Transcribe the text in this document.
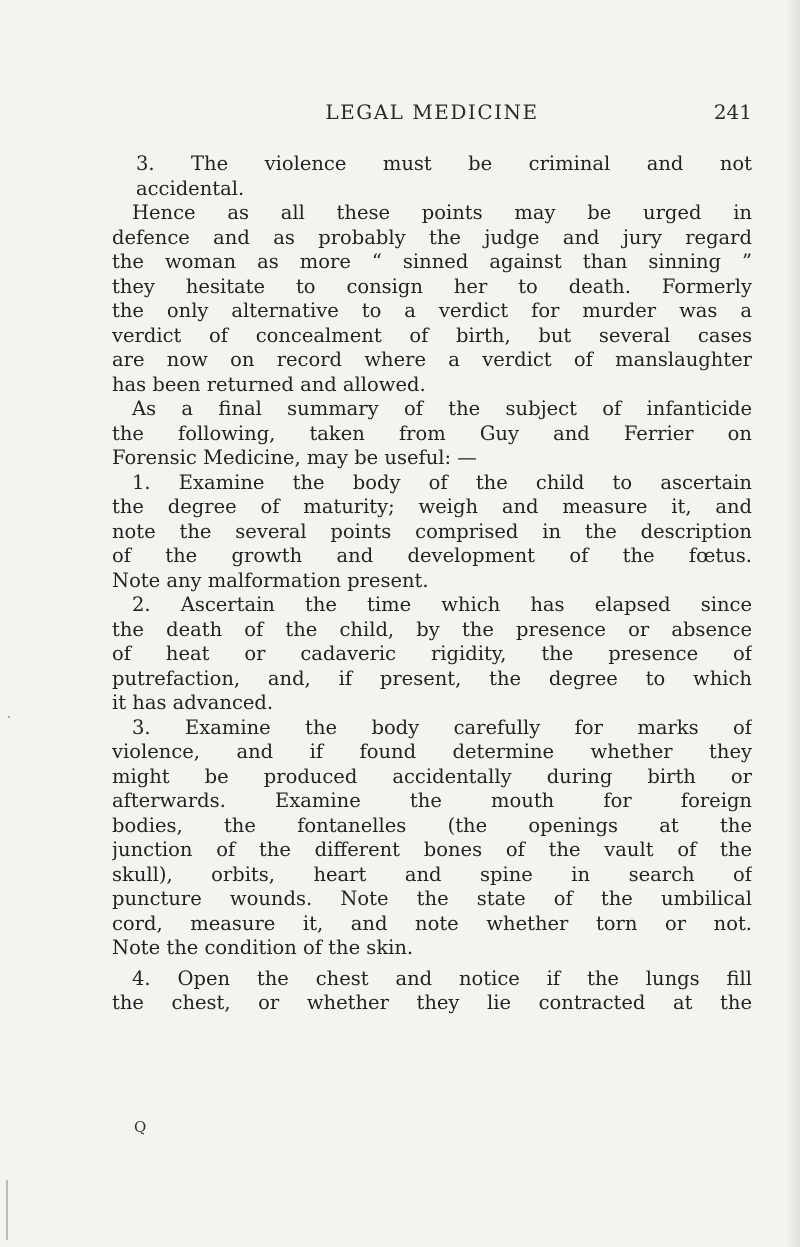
LEGAL MEDICINE	241
3. The violence must be criminal and not
accidental.
Hence as all these points may be urged in
defence and as probably the judge and jury regard
the woman as more “ sinned against than sinning ”
they hesitate to consign her to death. Formerly
the only alternative to a verdict for murder was a
verdict of concealment of birth, but several cases
are now on record where a verdict of manslaughter
has been returned and allowed.
As a final summary of the subject of infanticide
the following, taken from Guy and Ferrier on
Forensic Medicine, may be useful: —
1. Examine the body of the child to ascertain
the degree of maturity; weigh and measure it, and
note the several points comprised in the description
of the growth and development of the fœtus.
Note any malformation present.
2. Ascertain the time which has elapsed since
the death of the child, by the presence or absence
of heat or cadaveric rigidity, the presence of
putrefaction, and, if present, the degree to which
it has advanced.
3. Examine the body carefully for marks of
violence, and if found determine whether they
might be produced accidentally during birth or
afterwards. Examine the mouth for foreign
bodies, the fontanelles (the openings at the
junction of the different bones of the vault of the
skull), orbits, heart and spine in search of
puncture wounds. Note the state of the umbilical
cord, measure it, and note whether torn or not.
Note the condition of the skin.
4. Open the chest and notice if the lungs fill
the chest, or whether they lie contracted at the
Q
